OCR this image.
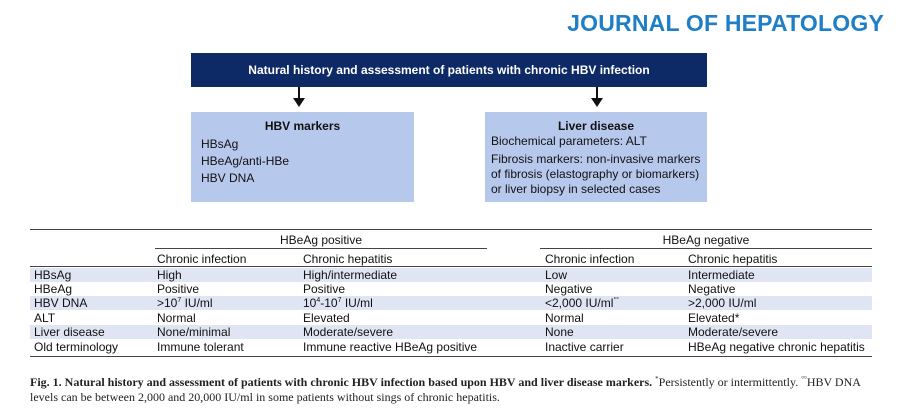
JOURNAL OF HEPATOLOGY
Natural history and assessment of patients with chronic HBV infection
HBV markers
HBsAg
HBeAg/anti-HBe
HBV DNA
Liver disease
Biochemical parameters: ALT
Fibrosis markers: non-invasive markers
of fibrosis (elastography or biomarkers)
or liver biopsy in selected cases
HBeAg positive	HBeAg negative
Chronic infection	Chronic hepatitis	Chronic infection	Chronic hepatitis
HBsAg	High	High/intermediate	Low	Intermediate
HBeAg	Positive	Positive	Negative	Negative
HBV DNA	$>10^7$ IU/ml	$10^4-10^7$ IU/ml	<2,000 IU/ml°°	>2,000 IU/ml
ALT	Normal	Elevated	Normal	Elevated*
Liver disease	None/minimal	Moderate/severe	None	Moderate/severe
Old terminology	Immune tolerant	Immune reactive HBeAg positive	Inactive carrier	HBeAg negative chronic hepatitis
Fig. 1. Natural history and assessment of patients with chronic HBV infection based upon HBV and liver disease markers. *Persistently or intermittently. °°HBV DNA levels can be between 2,000 and 20,000 IU/ml in some patients without sings of chronic hepatitis.
